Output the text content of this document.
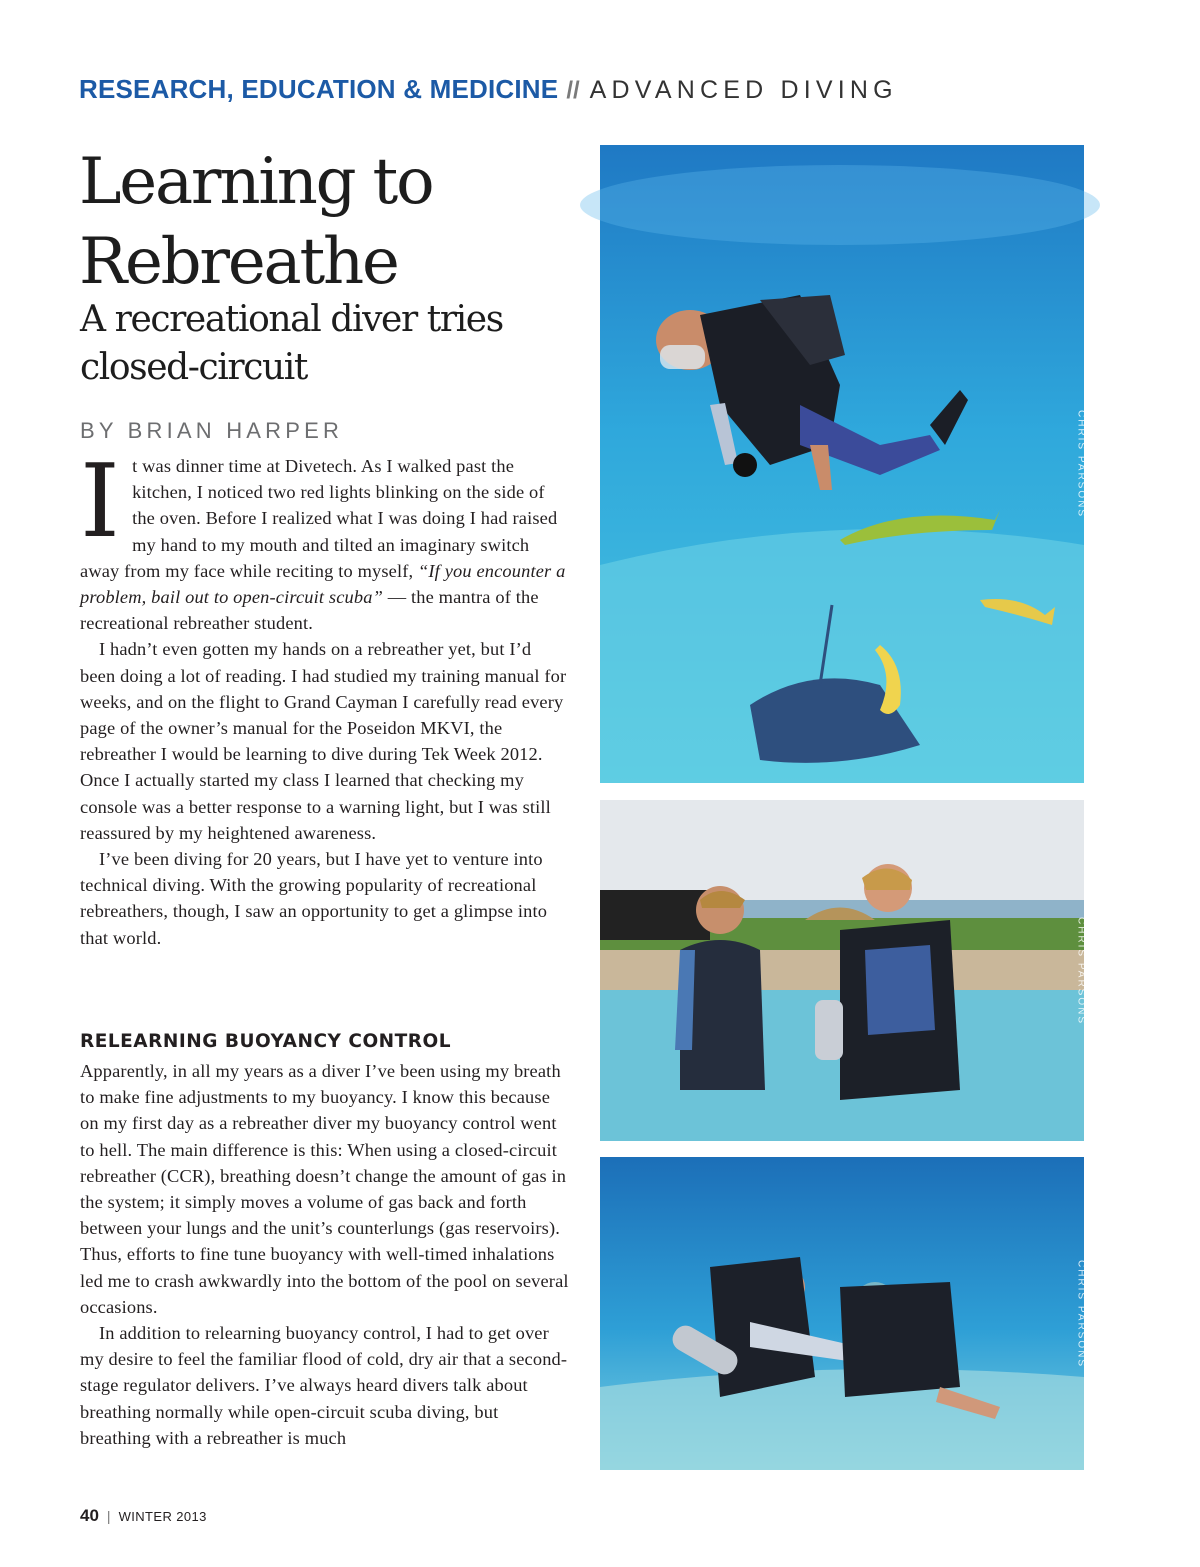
RESEARCH, EDUCATION & MEDICINE // ADVANCED DIVING
Learning to Rebreathe
A recreational diver tries closed-circuit
BY BRIAN HARPER

It was dinner time at Divetech. As I walked past the kitchen, I noticed two red lights blinking on the side of the oven. Before I realized what I was doing I had raised my hand to my mouth and tilted an imaginary switch away from my face while reciting to myself, “If you encounter a problem, bail out to open-circuit scuba” — the mantra of the recreational rebreather student.

I hadn’t even gotten my hands on a rebreather yet, but I’d been doing a lot of reading. I had studied my training manual for weeks, and on the flight to Grand Cayman I carefully read every page of the owner’s manual for the Poseidon MKVI, the rebreather I would be learning to dive during Tek Week 2012. Once I actually started my class I learned that checking my console was a better response to a warning light, but I was still reassured by my heightened awareness.

I’ve been diving for 20 years, but I have yet to venture into technical diving. With the growing popularity of recreational rebreathers, though, I saw an opportunity to get a glimpse into that world.

RELEARNING BUOYANCY CONTROL

Apparently, in all my years as a diver I’ve been using my breath to make fine adjustments to my buoyancy. I know this because on my first day as a rebreather diver my buoyancy control went to hell. The main difference is this: When using a closed-circuit rebreather (CCR), breathing doesn’t change the amount of gas in the system; it simply moves a volume of gas back and forth between your lungs and the unit’s counterlungs (gas reservoirs). Thus, efforts to fine tune buoyancy with well-timed inhalations led me to crash awkwardly into the bottom of the pool on several occasions.

In addition to relearning buoyancy control, I had to get over my desire to feel the familiar flood of cold, dry air that a second-stage regulator delivers. I’ve always heard divers talk about breathing normally while open-circuit scuba diving, but breathing with a rebreather is much

CHRIS PARSONS
CHRIS PARSONS
CHRIS PARSONS
40 | WINTER 2013
